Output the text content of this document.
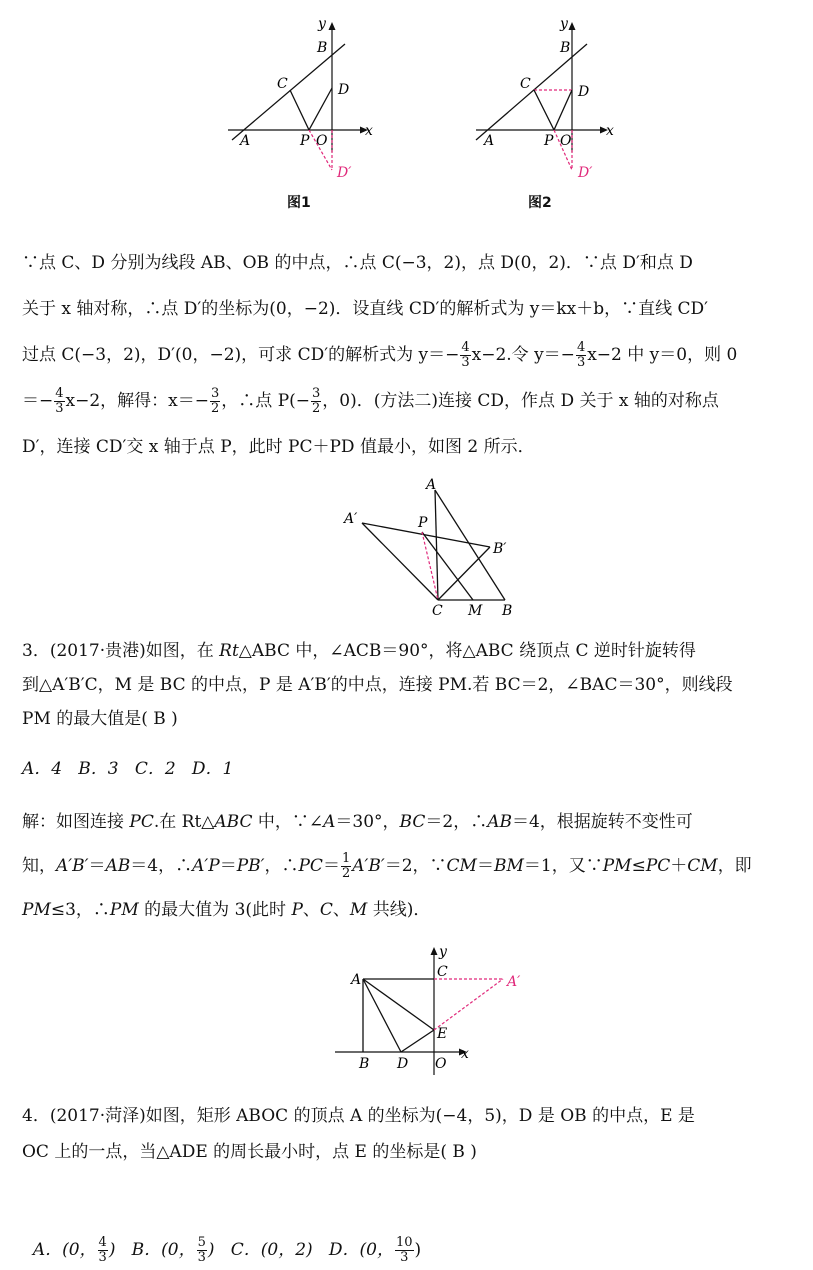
y
x
B
C	D
A	P O
D′
图1
y
x
B
C	D
A	P O
D′
图2
∵点 C、D 分别为线段 AB、OB 的中点，∴点 C(−3，2)，点 D(0，2)．∵点 D′和点 D
关于 x 轴对称，∴点 D′的坐标为(0，−2)．设直线 CD′的解析式为 y＝kx＋b，∵直线 CD′
过点 C(−3，2)，D′(0，−2)，可求 CD′的解析式为 $y=- \frac{4}{3} x-2$.令 $y=- \frac{4}{3} x-2$ 中 y＝0，则 0
＝− $\frac{4}{3} x-2$，解得：$x=- \frac{3}{2}$ ，∴点 $P(- \frac{3}{2}$ ，0)．(方法二)连接 CD，作点 D 关于 x 轴的对称点
D′，连接 CD′交 x 轴于点 P，此时 PC＋PD 值最小，如图 2 所示．
A
A′	P
B′
C M B
3．(2017·贵港)如图，在 Rt△ABC 中，∠ACB＝90°，将△ABC 绕顶点 C 逆时针旋转得
到△A′B′C，M 是 BC 的中点，P 是 A′B′的中点，连接 PM.若 BC＝2，∠BAC＝30°，则线段
PM 的最大值是( B )
A．4   B．3   C．2   D．1
解：如图连接 PC.在 Rt△ABC 中，∵∠A＝30°，BC＝2，∴AB＝4，根据旋转不变性可
知，A′B′＝AB＝4，∴A′P＝PB′，∴PC＝ $\frac{1}{2} A'B'=2$，∵CM＝BM＝1，又∵PM≤PC＋CM，即
PM≤3，∴PM 的最大值为 3(此时 P、C、M 共线)．
y
x
A	C
A′
E
B D O
4．(2017·菏泽)如图，矩形 ABOC 的顶点 A 的坐标为(−4，5)，D 是 OB 的中点，E 是
OC 上的一点，当△ADE 的周长最小时，点 E 的坐标是( B )

A．(0， $\frac{4}{3}$ )   B．(0， $\frac{5}{3}$ )   C．(0，2)   D．(0， $\frac{10}{3}$ )
